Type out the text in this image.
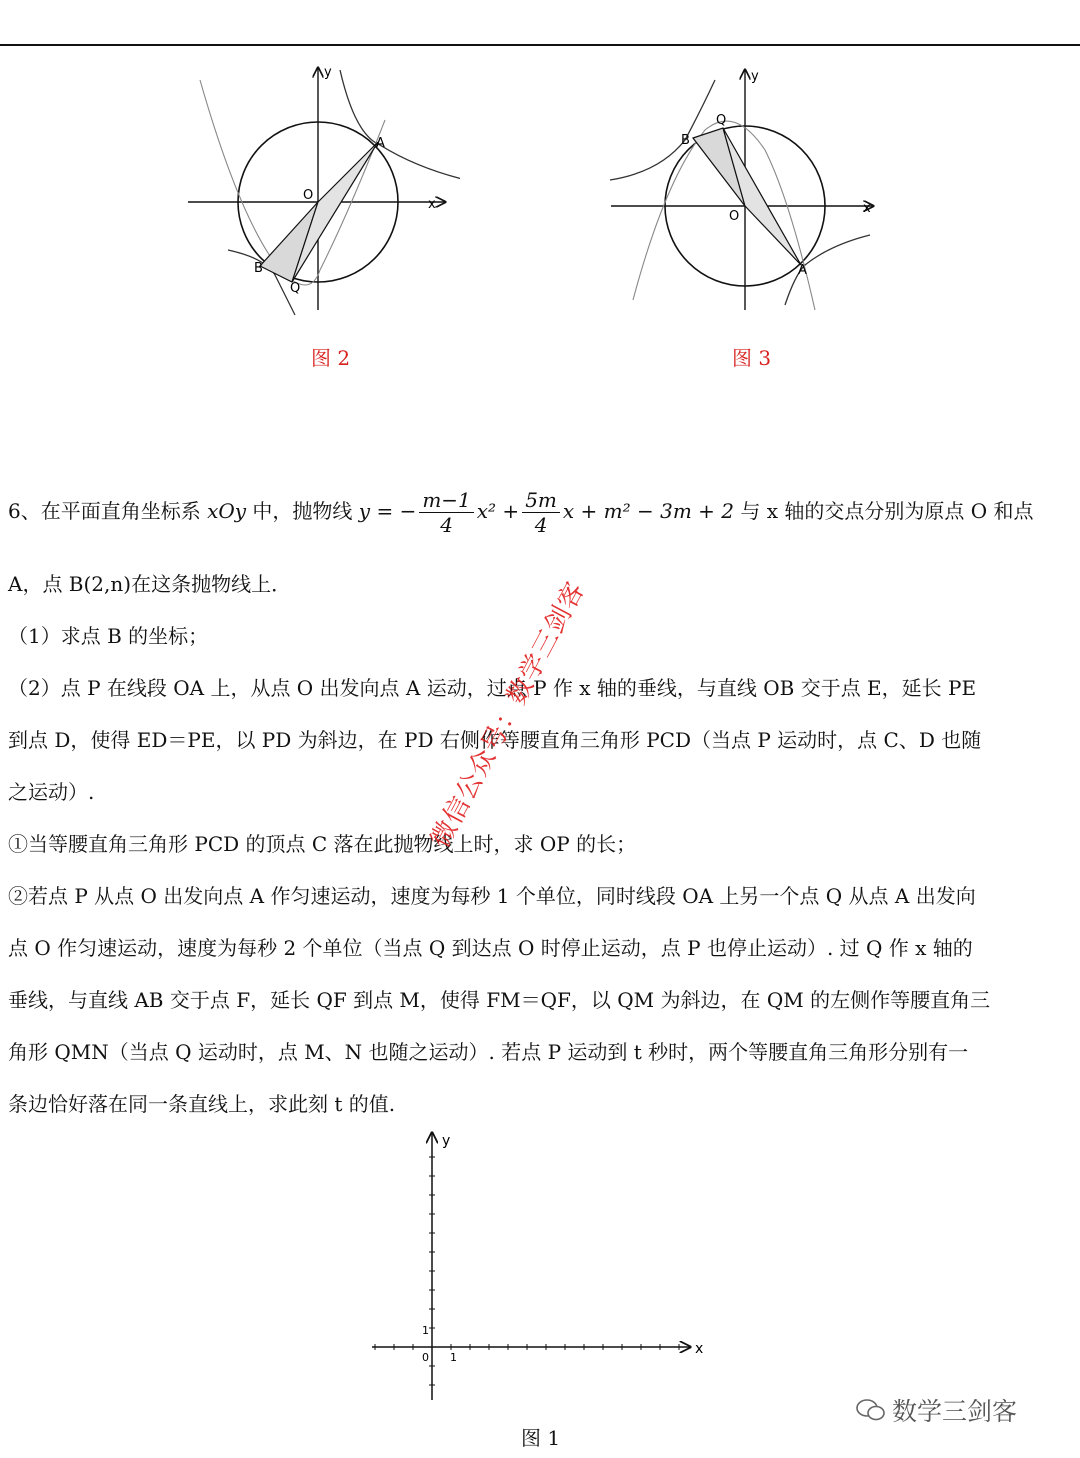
x
y
O
A
B
Q
图 2
x
y
O
A
B
Q
图 3
6、在平面直角坐标系 xOy 中，抛物线 y = − $\frac{m-1}{4} x^2 + \frac{5m}{4}$ x + m² − 3m + 2 与 x 轴的交点分别为原点 O 和点
A，点 B(2,n)在这条抛物线上．
（1）求点 B 的坐标；
（2）点 P 在线段 OA 上，从点 O 出发向点 A 运动，过点 P 作 x 轴的垂线，与直线 OB 交于点 E，延长 PE
到点 D，使得 ED＝PE，以 PD 为斜边，在 PD 右侧作等腰直角三角形 PCD（当点 P 运动时，点 C、D 也随
之运动）.
①当等腰直角三角形 PCD 的顶点 C 落在此抛物线上时，求 OP 的长；
②若点 P 从点 O 出发向点 A 作匀速运动，速度为每秒 1 个单位，同时线段 OA 上另一个点 Q 从点 A 出发向
点 O 作匀速运动，速度为每秒 2 个单位（当点 Q 到达点 O 时停止运动，点 P 也停止运动）. 过 Q 作 x 轴的
垂线，与直线 AB 交于点 F，延长 QF 到点 M，使得 FM＝QF，以 QM 为斜边，在 QM 的左侧作等腰直角三
角形 QMN（当点 Q 运动时，点 M、N 也随之运动）. 若点 P 运动到 t 秒时，两个等腰直角三角形分别有一
条边恰好落在同一条直线上，求此刻 t 的值.
x
y
0 1
1
图 1
微信公众号：数学三剑客
数学三剑客
